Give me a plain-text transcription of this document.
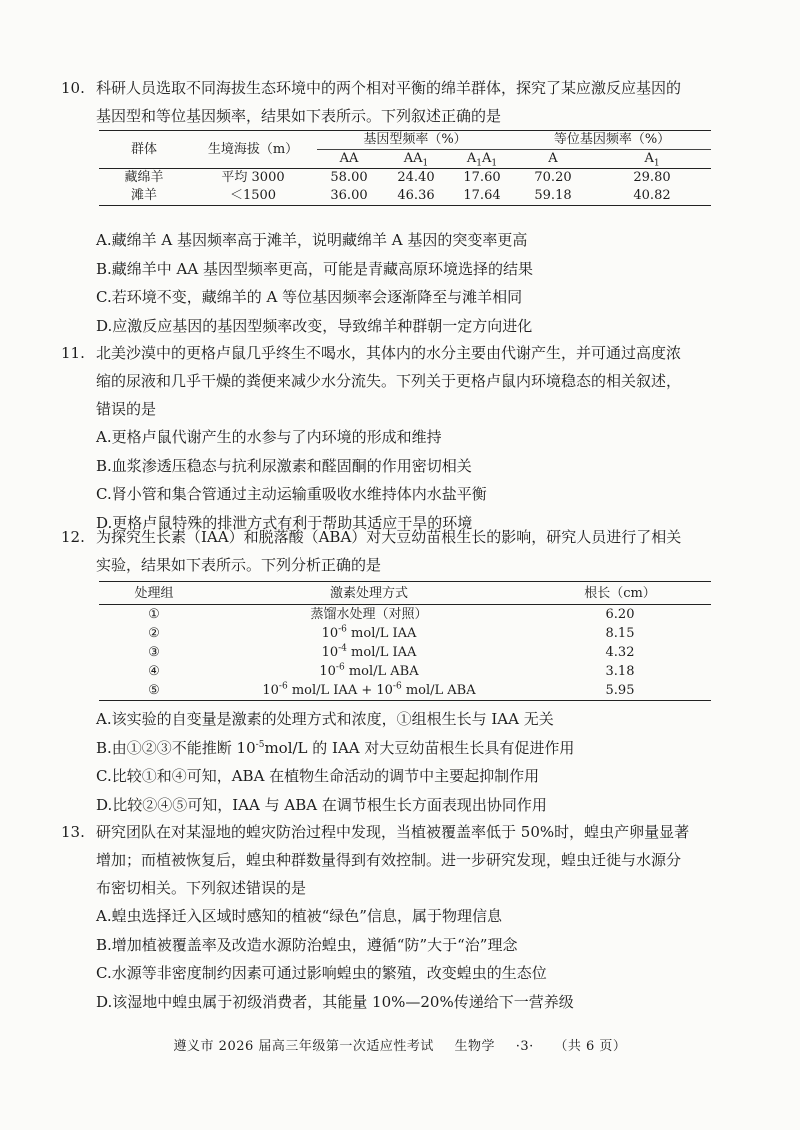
10. 科研人员选取不同海拔生态环境中的两个相对平衡的绵羊群体，探究了某应激反应基因的
基因型和等位基因频率，结果如下表所示。下列叙述正确的是
群体	生境海拔（m）	基因型频率（%）			等位基因频率（%）	
		AA	$AA_1$	$A_1A_1$	A	$A_1$
藏绵羊	平均 3000	58.00	24.40	17.60	70.20	29.80
滩羊	＜1500	36.00	46.36	17.64	59.18	40.82
A.藏绵羊 A 基因频率高于滩羊，说明藏绵羊 A 基因的突变率更高
B.藏绵羊中 AA 基因型频率更高，可能是青藏高原环境选择的结果
C.若环境不变，藏绵羊的 A 等位基因频率会逐渐降至与滩羊相同
D.应激反应基因的基因型频率改变，导致绵羊种群朝一定方向进化
11. 北美沙漠中的更格卢鼠几乎终生不喝水，其体内的水分主要由代谢产生，并可通过高度浓
缩的尿液和几乎干燥的粪便来减少水分流失。下列关于更格卢鼠内环境稳态的相关叙述，
错误的是
A.更格卢鼠代谢产生的水参与了内环境的形成和维持
B.血浆渗透压稳态与抗利尿激素和醛固酮的作用密切相关
C.肾小管和集合管通过主动运输重吸收水维持体内水盐平衡
D.更格卢鼠特殊的排泄方式有利于帮助其适应干旱的环境
12. 为探究生长素（IAA）和脱落酸（ABA）对大豆幼苗根生长的影响，研究人员进行了相关
实验，结果如下表所示。下列分析正确的是
处理组	激素处理方式	根长（cm）
①	蒸馏水处理（对照）	6.20
②	$10^{-6}$ mol/L IAA	8.15
③	$10^{-4}$ mol/L IAA	4.32
④	$10^{-6}$ mol/L ABA	3.18
⑤	$10^{-6}$ mol/L IAA + $10^{-6}$ mol/L ABA	5.95
A.该实验的自变量是激素的处理方式和浓度，①组根生长与 IAA 无关
B.由①②③不能推断 $10^{-5}mol/L$ 的 IAA 对大豆幼苗根生长具有促进作用
C.比较①和④可知，ABA 在植物生命活动的调节中主要起抑制作用
D.比较②④⑤可知，IAA 与 ABA 在调节根生长方面表现出协同作用
13. 研究团队在对某湿地的蝗灾防治过程中发现，当植被覆盖率低于 50%时，蝗虫产卵量显著
增加；而植被恢复后，蝗虫种群数量得到有效控制。进一步研究发现，蝗虫迁徙与水源分
布密切相关。下列叙述错误的是
A.蝗虫选择迁入区域时感知的植被“绿色”信息，属于物理信息
B.增加植被覆盖率及改造水源防治蝗虫，遵循“防”大于“治”理念
C.水源等非密度制约因素可通过影响蝗虫的繁殖，改变蝗虫的生态位
D.该湿地中蝗虫属于初级消费者，其能量 10%—20%传递给下一营养级
遵义市 2026 届高三年级第一次适应性考试 生物学 ·3· （共 6 页）
